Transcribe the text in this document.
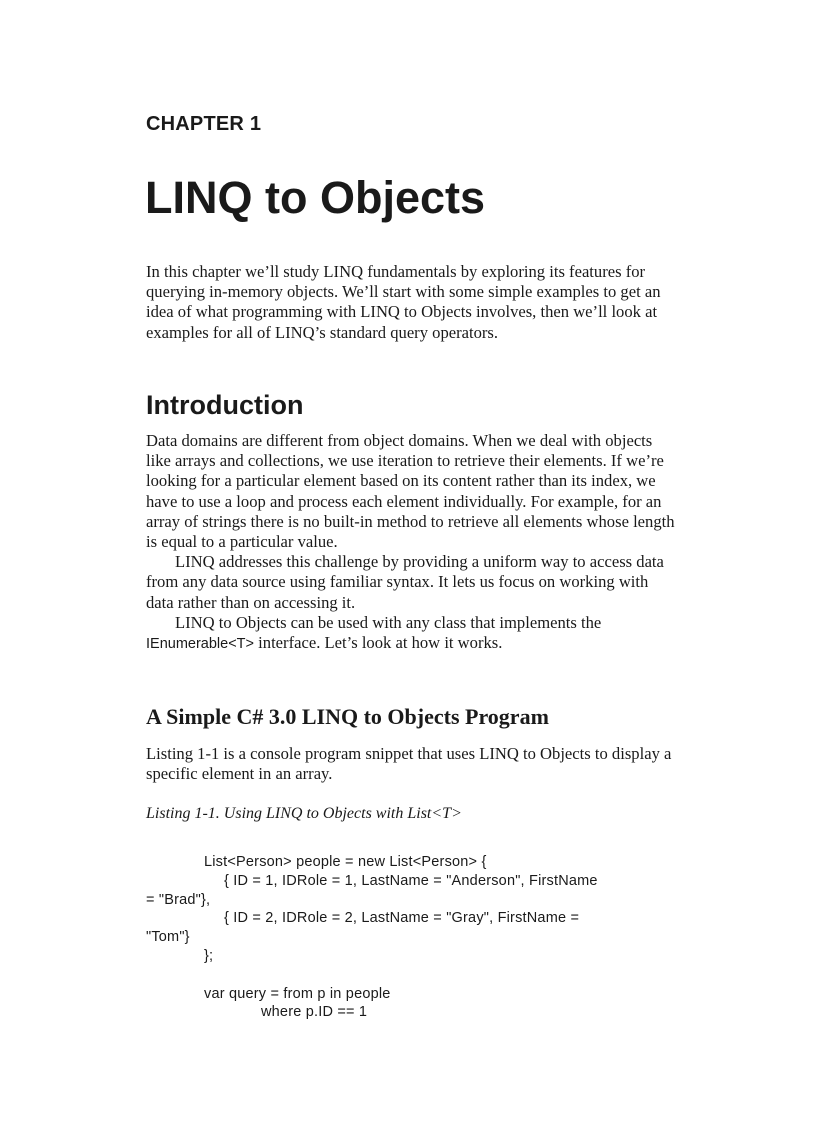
CHAPTER 1
LINQ to Objects

In this chapter we’ll study LINQ fundamentals by exploring its features for querying in-memory objects. We’ll start with some simple examples to get an idea of what programming with LINQ to Objects involves, then we’ll look at examples for all of LINQ’s standard query operators.

Introduction

Data domains are different from object domains. When we deal with objects like arrays and collections, we use iteration to retrieve their elements. If we’re looking for a particular element based on its content rather than its index, we have to use a loop and process each element individually. For example, for an array of strings there is no built-in method to retrieve all elements whose length is equal to a particular value.

LINQ addresses this challenge by providing a uniform way to access data from any data source using familiar syntax. It lets us focus on working with data rather than on accessing it.

LINQ to Objects can be used with any class that implements the IEnumerable<T> interface. Let’s look at how it works.

A Simple C# 3.0 LINQ to Objects Program

Listing 1-1 is a console program snippet that uses LINQ to Objects to display a specific element in an array.

Listing 1-1. Using LINQ to Objects with List<T>

List<Person> people = new List<Person> {
{ ID = 1, IDRole = 1, LastName = "Anderson", FirstName
= "Brad"},
{ ID = 2, IDRole = 2, LastName = "Gray", FirstName =
"Tom"}
};
var query = from p in people
where p.ID == 1
